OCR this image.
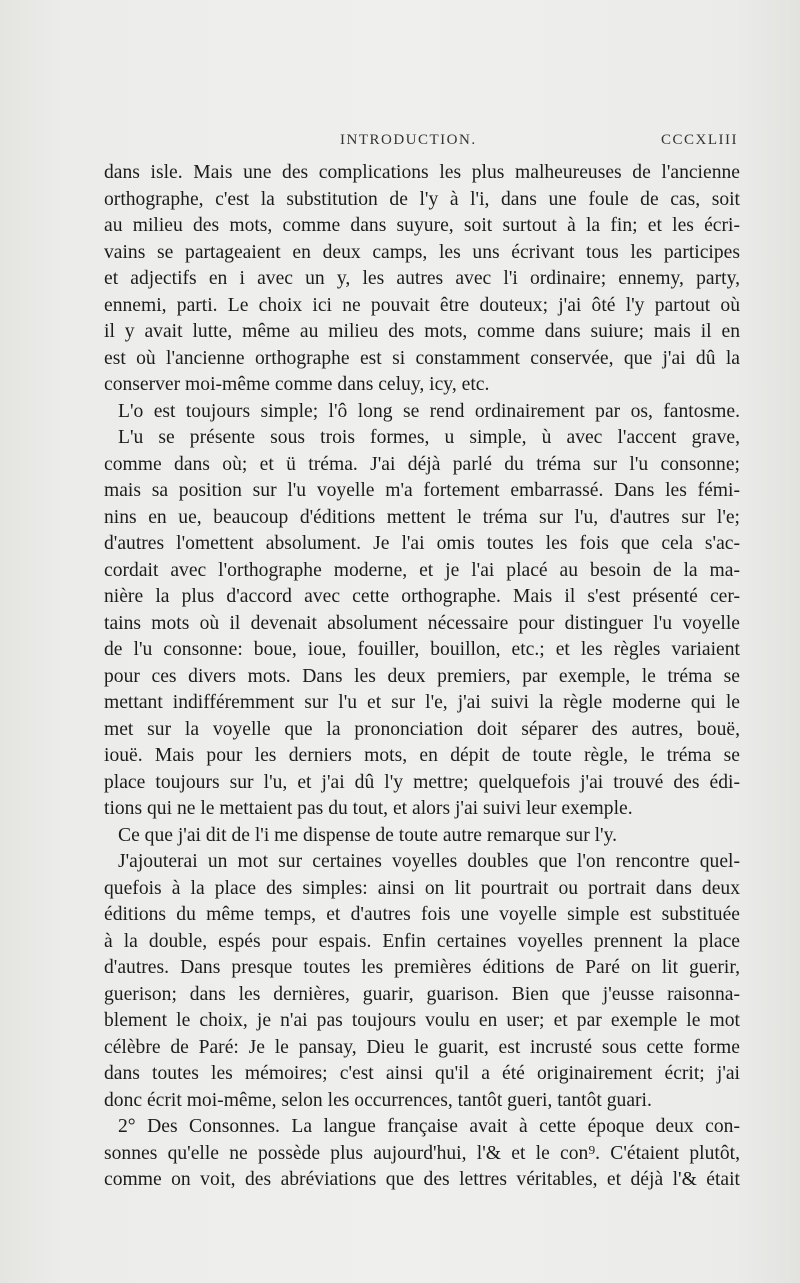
INTRODUCTION.	CCCXLIII

dans isle. Mais une des complications les plus malheureuses de l'ancienne

orthographe, c'est la substitution de l'y à l'i, dans une foule de cas, soit

au milieu des mots, comme dans suyure, soit surtout à la fin; et les écri-

vains se partageaient en deux camps, les uns écrivant tous les participes

et adjectifs en i avec un y, les autres avec l'i ordinaire; ennemy, party,

ennemi, parti. Le choix ici ne pouvait être douteux; j'ai ôté l'y partout où

il y avait lutte, même au milieu des mots, comme dans suiure; mais il en

est où l'ancienne orthographe est si constamment conservée, que j'ai dû la

conserver moi-même comme dans celuy, icy, etc.

L'o est toujours simple; l'ô long se rend ordinairement par os, fantosme.

L'u se présente sous trois formes, u simple, ù avec l'accent grave,

comme dans où; et ü tréma. J'ai déjà parlé du tréma sur l'u consonne;

mais sa position sur l'u voyelle m'a fortement embarrassé. Dans les fémi-

nins en ue, beaucoup d'éditions mettent le tréma sur l'u, d'autres sur l'e;

d'autres l'omettent absolument. Je l'ai omis toutes les fois que cela s'ac-

cordait avec l'orthographe moderne, et je l'ai placé au besoin de la ma-

nière la plus d'accord avec cette orthographe. Mais il s'est présenté cer-

tains mots où il devenait absolument nécessaire pour distinguer l'u voyelle

de l'u consonne: boue, ioue, fouiller, bouillon, etc.; et les règles variaient

pour ces divers mots. Dans les deux premiers, par exemple, le tréma se

mettant indifféremment sur l'u et sur l'e, j'ai suivi la règle moderne qui le

met sur la voyelle que la prononciation doit séparer des autres, bouë,

iouë. Mais pour les derniers mots, en dépit de toute règle, le tréma se

place toujours sur l'u, et j'ai dû l'y mettre; quelquefois j'ai trouvé des édi-

tions qui ne le mettaient pas du tout, et alors j'ai suivi leur exemple.

Ce que j'ai dit de l'i me dispense de toute autre remarque sur l'y.

J'ajouterai un mot sur certaines voyelles doubles que l'on rencontre quel-

quefois à la place des simples: ainsi on lit pourtrait ou portrait dans deux

éditions du même temps, et d'autres fois une voyelle simple est substituée

à la double, espés pour espais. Enfin certaines voyelles prennent la place

d'autres. Dans presque toutes les premières éditions de Paré on lit guerir,

guerison; dans les dernières, guarir, guarison. Bien que j'eusse raisonna-

blement le choix, je n'ai pas toujours voulu en user; et par exemple le mot

célèbre de Paré: Je le pansay, Dieu le guarit, est incrusté sous cette forme

dans toutes les mémoires; c'est ainsi qu'il a été originairement écrit; j'ai

donc écrit moi-même, selon les occurrences, tantôt gueri, tantôt guari.

2° Des Consonnes. La langue française avait à cette époque deux con-

sonnes qu'elle ne possède plus aujourd'hui, l'& et le con⁹. C'étaient plutôt,

comme on voit, des abréviations que des lettres véritables, et déjà l'& était
